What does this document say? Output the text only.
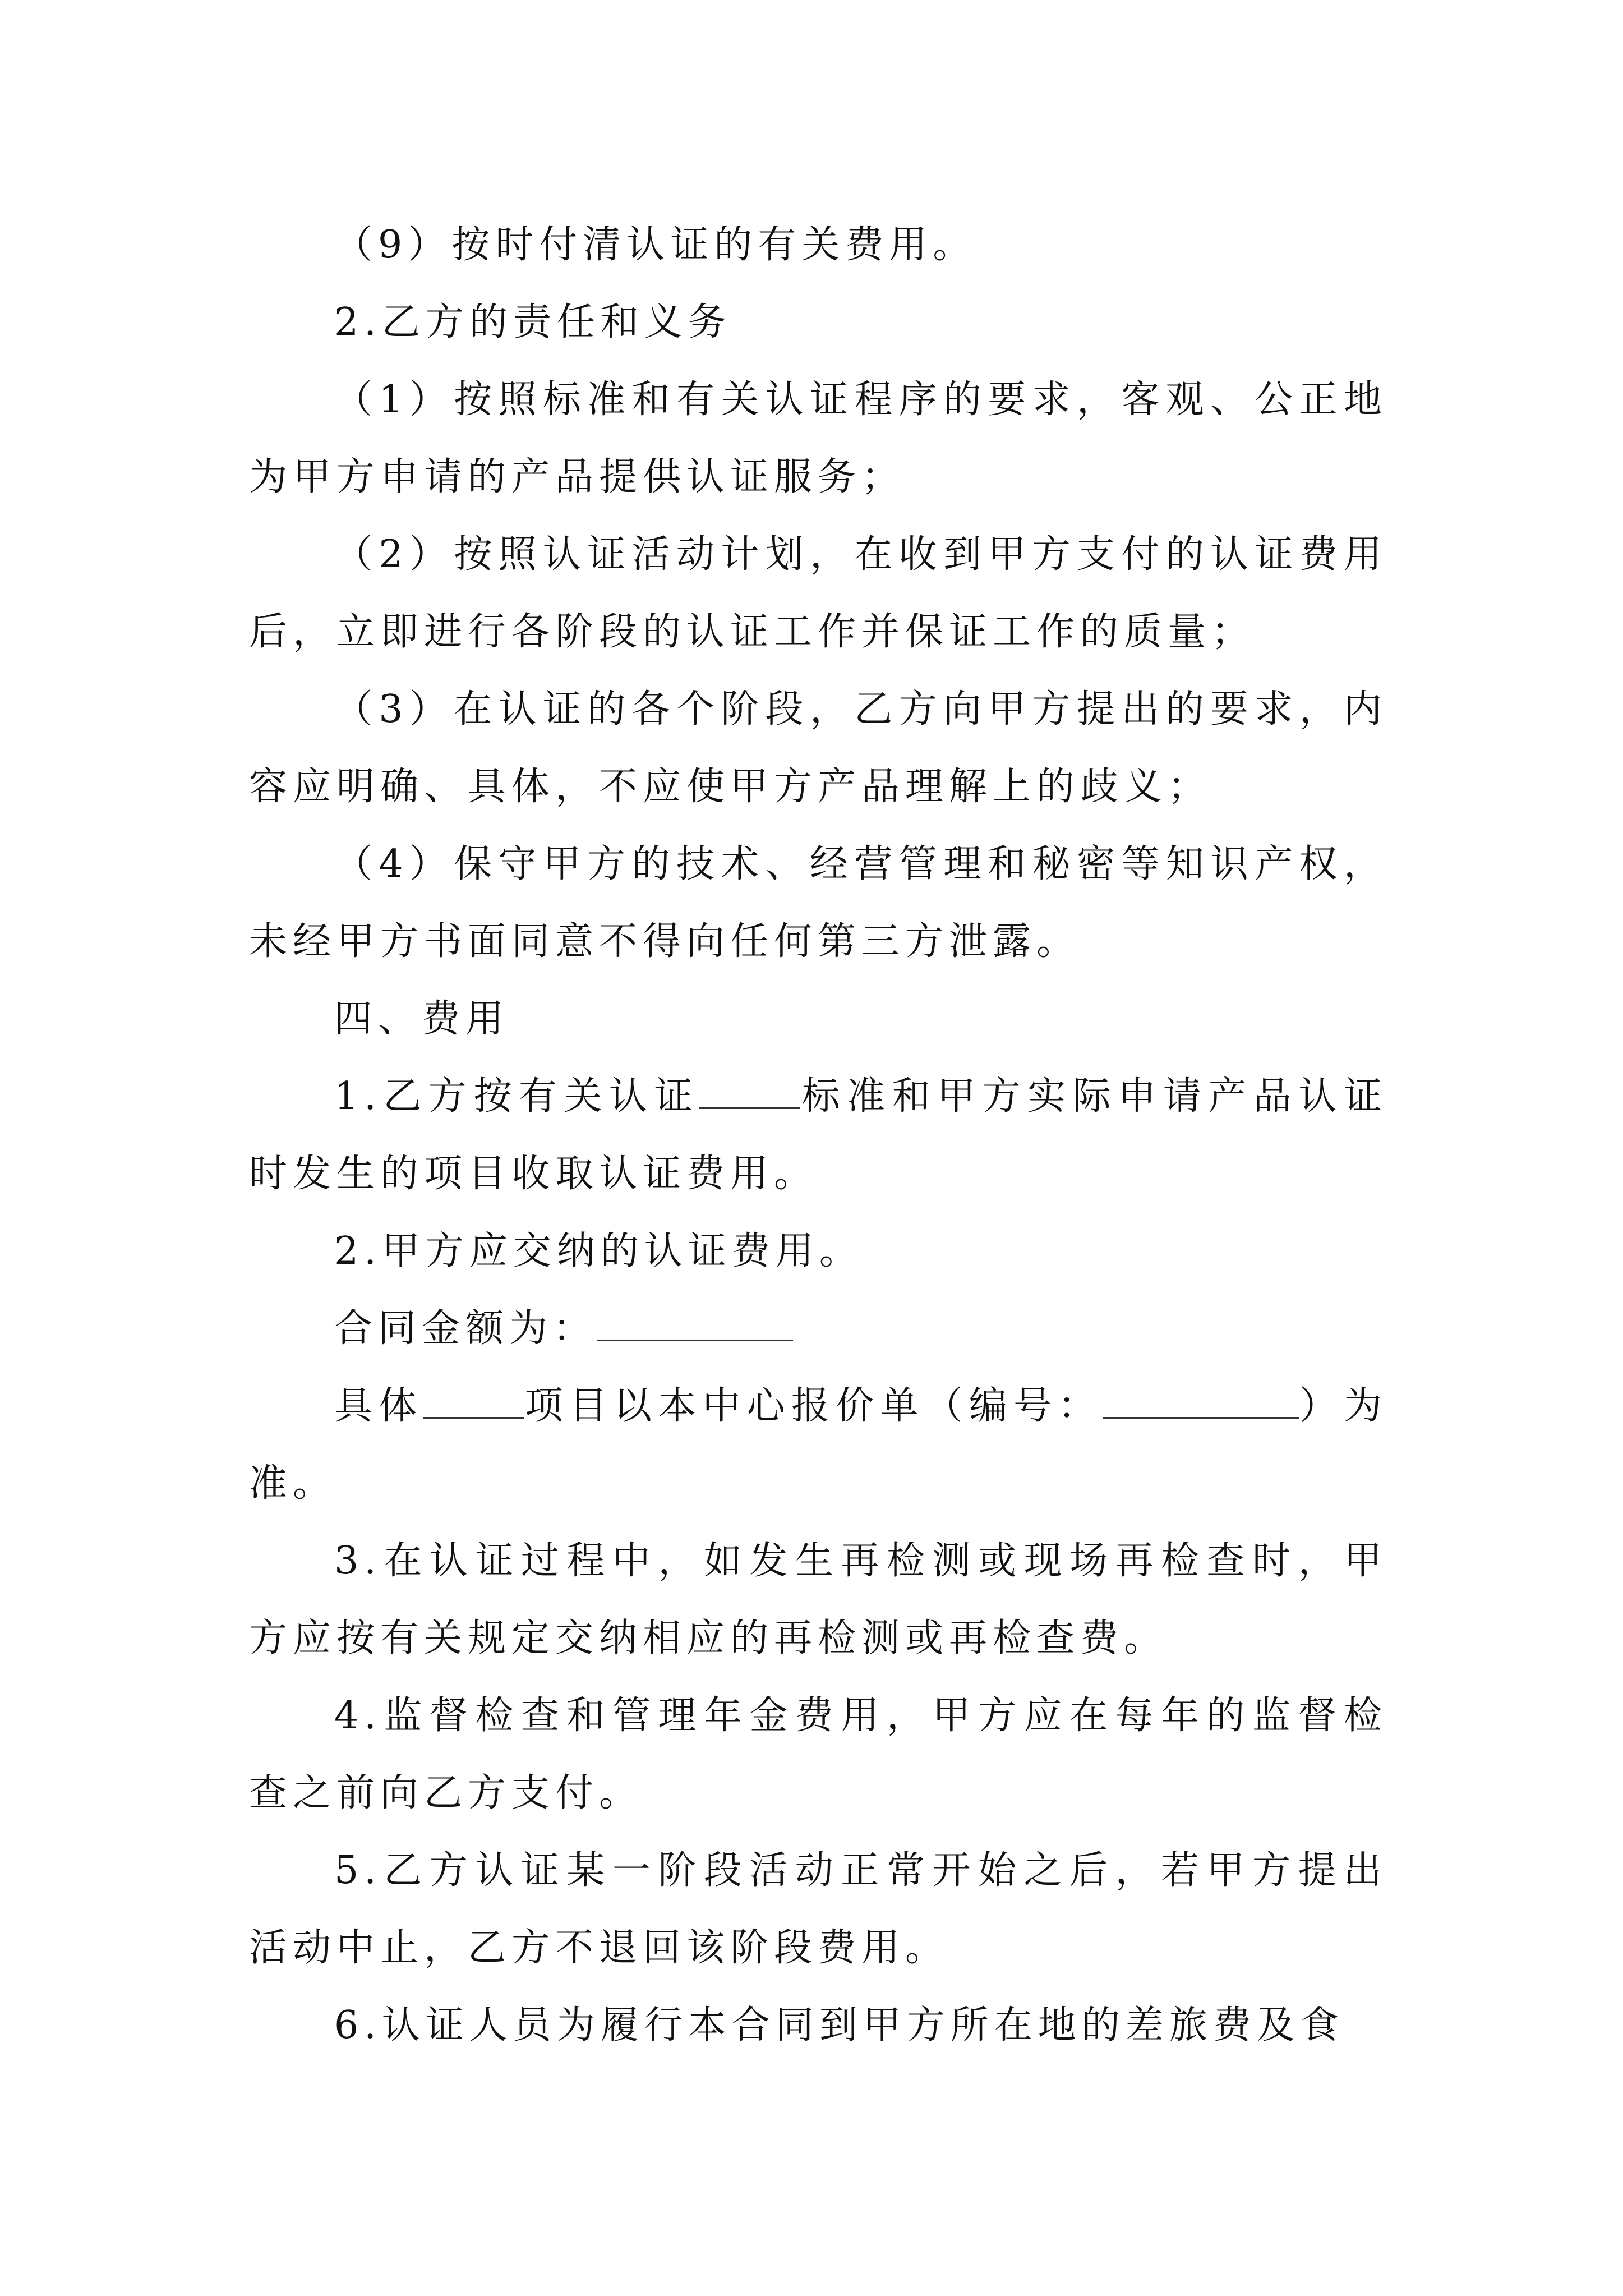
（9）按时付清认证的有关费用。

2.乙方的责任和义务

（1）按照标准和有关认证程序的要求，客观、公正地为甲方申请的产品提供认证服务；

（2）按照认证活动计划，在收到甲方支付的认证费用后，立即进行各阶段的认证工作并保证工作的质量；

（3）在认证的各个阶段，乙方向甲方提出的要求，内容应明确、具体，不应使甲方产品理解上的歧义；

（4）保守甲方的技术、经营管理和秘密等知识产权，未经甲方书面同意不得向任何第三方泄露。

四、费用

1.乙方按有关认证	标准和甲方实际申请产品认证时发生的项目收取认证费用。

2.甲方应交纳的认证费用。

合同金额为：

具体	项目以本中心报价单（编号：	）为准。

3.在认证过程中，如发生再检测或现场再检查时，甲方应按有关规定交纳相应的再检测或再检查费。

4.监督检查和管理年金费用，甲方应在每年的监督检查之前向乙方支付。

5.乙方认证某一阶段活动正常开始之后，若甲方提出活动中止，乙方不退回该阶段费用。

6.认证人员为履行本合同到甲方所在地的差旅费及食
